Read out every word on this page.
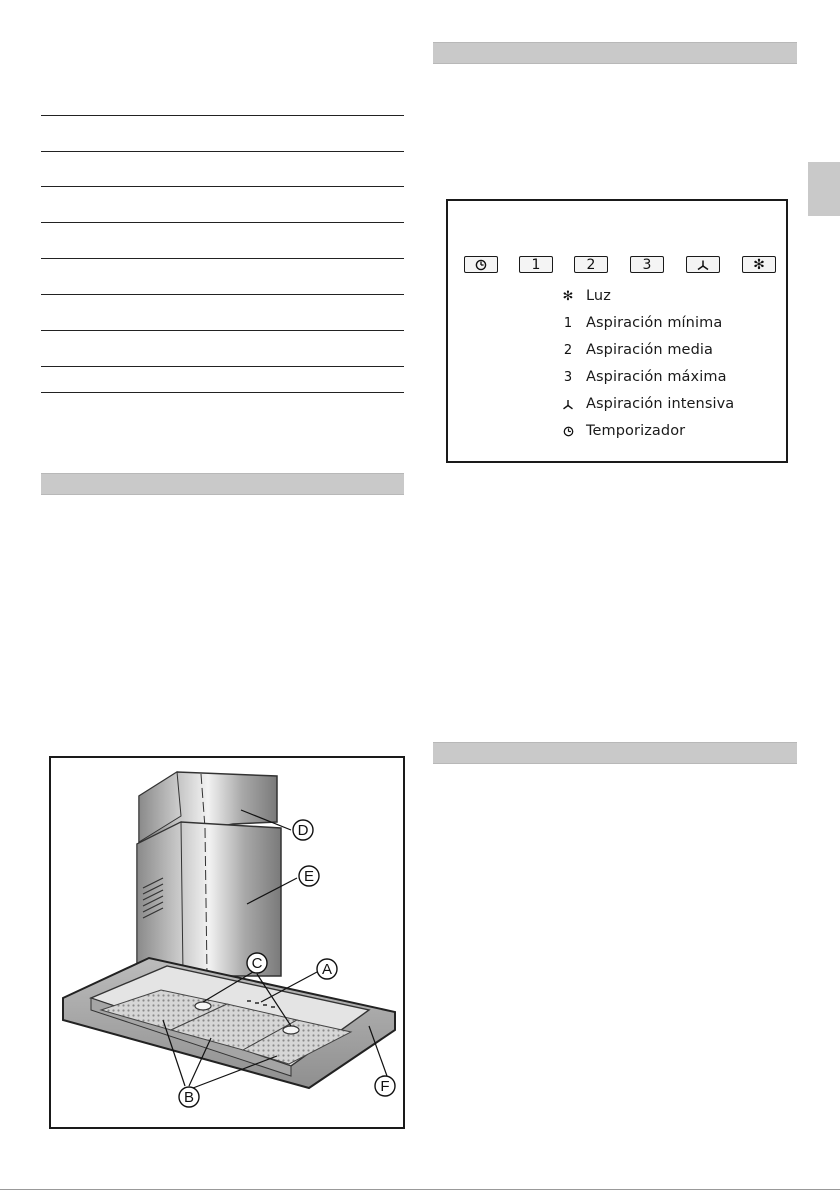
1	2	3	✻
✻ Luz
1 Aspiración mínima
2 Aspiración media
3 Aspiración máxima
Aspiración intensiva
Temporizador
D
E
C	A
B
F
